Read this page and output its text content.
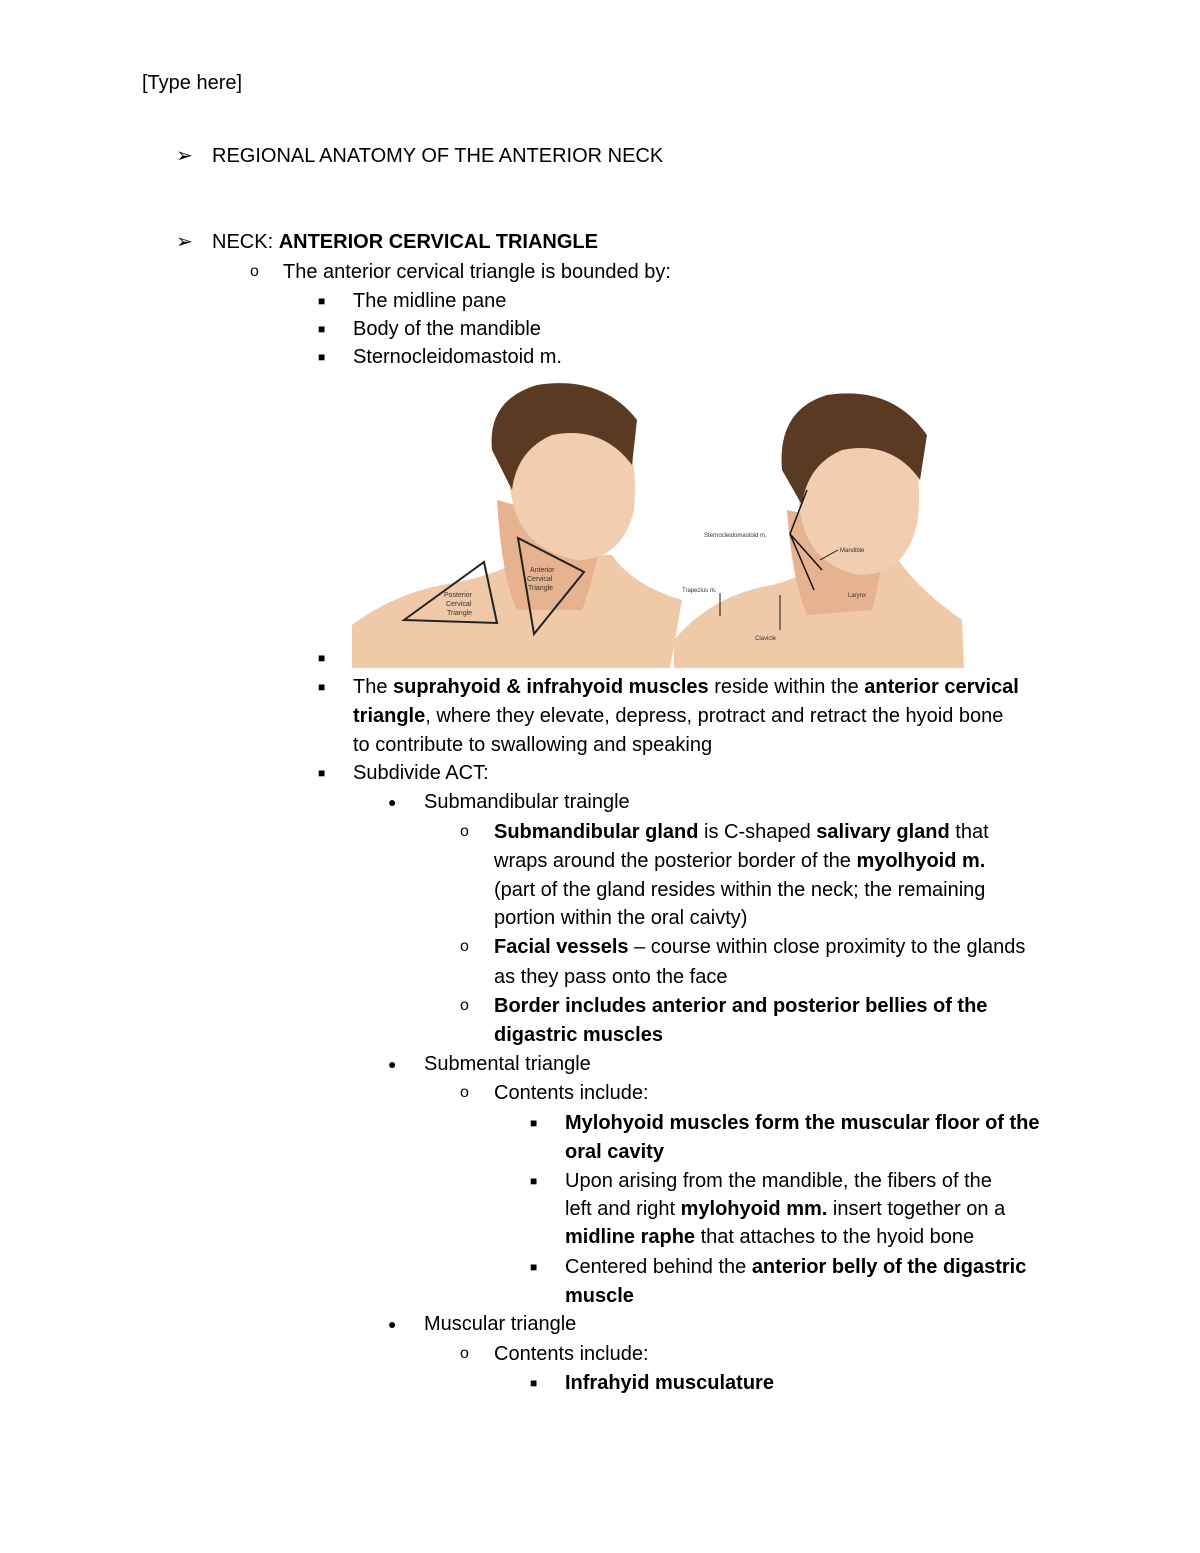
[Type here]
➢ REGIONAL ANATOMY OF THE ANTERIOR NECK
➢ NECK: ANTERIOR CERVICAL TRIANGLE
o The anterior cervical triangle is bounded by:
■ The midline pane
■ Body of the mandible
■ Sternocleidomastoid m.
Posterior
Cervical
Triangle
Anterior
Cervical
Triangle
Sternocleidomastoid m.
Mandible
Trapezius m.
Larynx
Clavicle
■
■ The suprahyoid & infrahyoid muscles reside within the anterior cervical
triangle, where they elevate, depress, protract and retract the hyoid bone
to contribute to swallowing and speaking
■ Subdivide ACT:
● Submandibular traingle
o Submandibular gland is C-shaped salivary gland that
wraps around the posterior border of the myolhyoid m.
(part of the gland resides within the neck; the remaining
portion within the oral caivty)
o Facial vessels – course within close proximity to the glands
as they pass onto the face
o Border includes anterior and posterior bellies of the
digastric muscles
● Submental triangle
o Contents include:
■ Mylohyoid muscles form the muscular floor of the
oral cavity
■ Upon arising from the mandible, the fibers of the
left and right mylohyoid mm. insert together on a
midline raphe that attaches to the hyoid bone
■ Centered behind the anterior belly of the digastric
muscle
● Muscular triangle
o Contents include:
■ Infrahyid musculature
